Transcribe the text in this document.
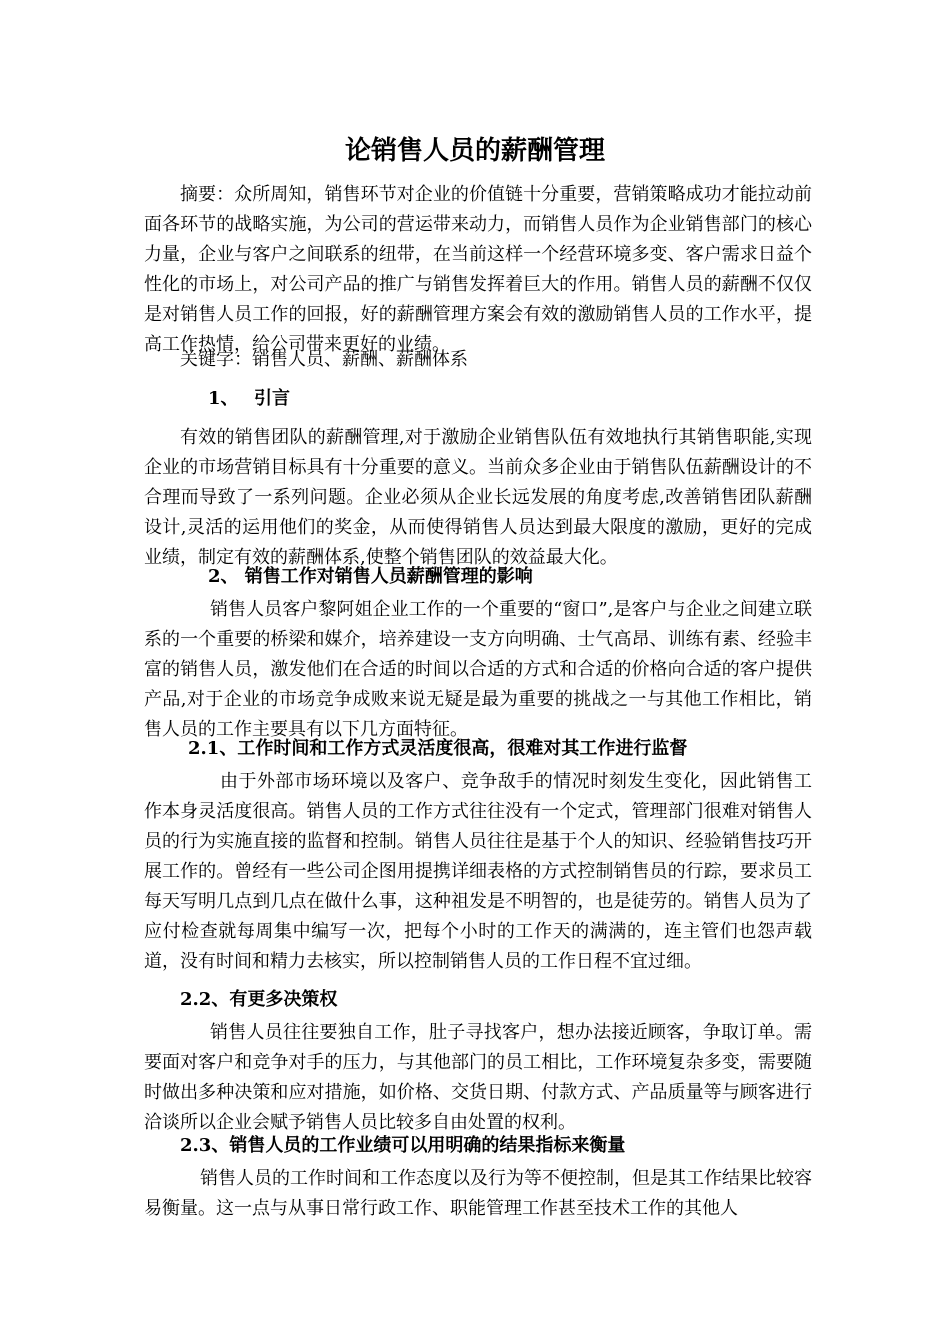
论销售人员的薪酬管理

摘要：众所周知，销售环节对企业的价值链十分重要，营销策略成功才能拉动前面各环节的战略实施，为公司的营运带来动力，而销售人员作为企业销售部门的核心力量，企业与客户之间联系的纽带，在当前这样一个经营环境多变、客户需求日益个性化的市场上，对公司产品的推广与销售发挥着巨大的作用。销售人员的薪酬不仅仅是对销售人员工作的回报，好的薪酬管理方案会有效的激励销售人员的工作水平，提高工作热情，给公司带来更好的业绩。

关键字：销售人员、薪酬、薪酬体系

1、 引言

有效的销售团队的薪酬管理,对于激励企业销售队伍有效地执行其销售职能,实现企业的市场营销目标具有十分重要的意义。当前众多企业由于销售队伍薪酬设计的不合理而导致了一系列问题。企业必须从企业长远发展的角度考虑,改善销售团队薪酬设计,灵活的运用他们的奖金，从而使得销售人员达到最大限度的激励，更好的完成业绩，制定有效的薪酬体系,使整个销售团队的效益最大化。

2、 销售工作对销售人员薪酬管理的影响

销售人员客户黎阿姐企业工作的一个重要的“窗口”,是客户与企业之间建立联系的一个重要的桥梁和媒介，培养建设一支方向明确、士气高昂、训练有素、经验丰富的销售人员，激发他们在合适的时间以合适的方式和合适的价格向合适的客户提供产品,对于企业的市场竞争成败来说无疑是最为重要的挑战之一与其他工作相比，销售人员的工作主要具有以下几方面特征。

2.1、工作时间和工作方式灵活度很高，很难对其工作进行监督

由于外部市场环境以及客户、竞争敌手的情况时刻发生变化，因此销售工作本身灵活度很高。销售人员的工作方式往往没有一个定式，管理部门很难对销售人员的行为实施直接的监督和控制。销售人员往往是基于个人的知识、经验销售技巧开展工作的。曾经有一些公司企图用提携详细表格的方式控制销售员的行踪，要求员工每天写明几点到几点在做什么事，这种祖发是不明智的，也是徒劳的。销售人员为了应付检查就每周集中编写一次，把每个小时的工作天的满满的，连主管们也怨声载道，没有时间和精力去核实，所以控制销售人员的工作日程不宜过细。

2.2、有更多决策权

销售人员往往要独自工作，肚子寻找客户，想办法接近顾客，争取订单。需要面对客户和竞争对手的压力，与其他部门的员工相比，工作环境复杂多变，需要随时做出多种决策和应对措施，如价格、交货日期、付款方式、产品质量等与顾客进行洽谈所以企业会赋予销售人员比较多自由处置的权利。

2.3、销售人员的工作业绩可以用明确的结果指标来衡量

销售人员的工作时间和工作态度以及行为等不便控制，但是其工作结果比较容易衡量。这一点与从事日常行政工作、职能管理工作甚至技术工作的其他人
